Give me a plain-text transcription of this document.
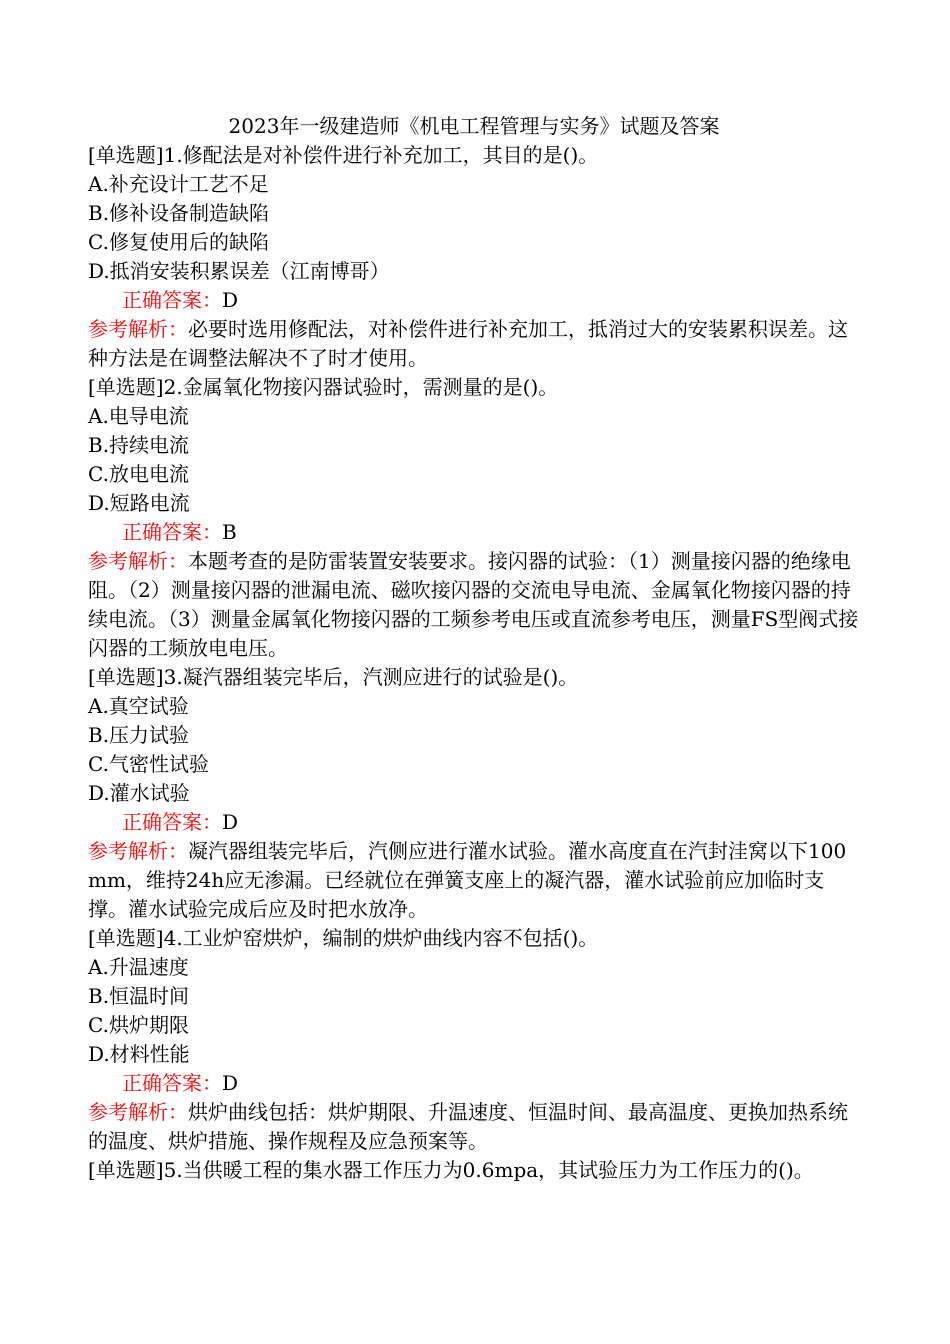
2023年一级建造师《机电工程管理与实务》试题及答案

[单选题]1.修配法是对补偿件进行补充加工，其目的是()。

A.补充设计工艺不足

B.修补设备制造缺陷

C.修复使用后的缺陷

D.抵消安装积累误差（江南博哥）

正确答案：D

参考解析：必要时选用修配法，对补偿件进行补充加工，抵消过大的安装累积误差。这种方法是在调整法解决不了时才使用。

[单选题]2.金属氧化物接闪器试验时，需测量的是()。

A.电导电流

B.持续电流

C.放电电流

D.短路电流

正确答案：B

参考解析：本题考查的是防雷装置安装要求。接闪器的试验：（1）测量接闪器的绝缘电阻。（2）测量接闪器的泄漏电流、磁吹接闪器的交流电导电流、金属氧化物接闪器的持续电流。（3）测量金属氧化物接闪器的工频参考电压或直流参考电压，测量FS型阀式接闪器的工频放电电压。

[单选题]3.凝汽器组装完毕后，汽测应进行的试验是()。

A.真空试验

B.压力试验

C.气密性试验

D.灌水试验

正确答案：D

参考解析：凝汽器组装完毕后，汽侧应进行灌水试验。灌水高度直在汽封洼窝以下100mm，维持24h应无渗漏。已经就位在弹簧支座上的凝汽器，灌水试验前应加临时支撑。灌水试验完成后应及时把水放净。

[单选题]4.工业炉窑烘炉，编制的烘炉曲线内容不包括()。

A.升温速度

B.恒温时间

C.烘炉期限

D.材料性能

正确答案：D

参考解析：烘炉曲线包括：烘炉期限、升温速度、恒温时间、最高温度、更换加热系统的温度、烘炉措施、操作规程及应急预案等。

[单选题]5.当供暖工程的集水器工作压力为0.6mpa，其试验压力为工作压力的()。
